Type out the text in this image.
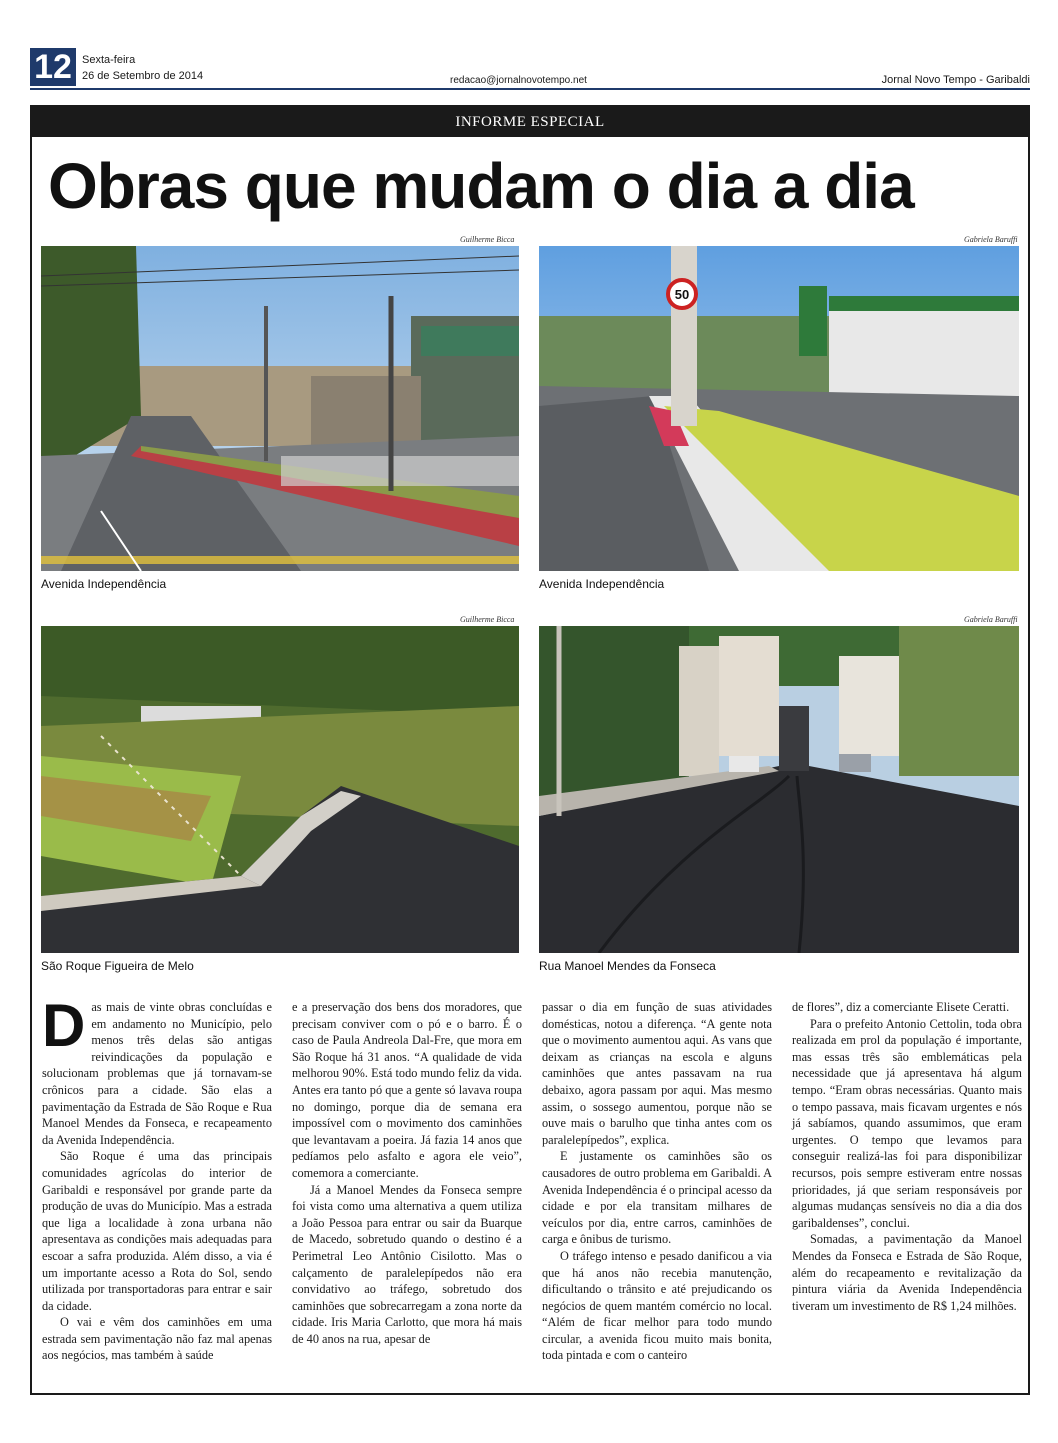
12 Sexta-feira
26 de Setembro de 2014	redacao@jornalnovotempo.net	Jornal Novo Tempo - Garibaldi
INFORME ESPECIAL
Obras que mudam o dia a dia
Guilherme Bicca
Avenida Independência
Gabriela Baruffi
50
Avenida Independência
Guilherme Bicca
São Roque Figueira de Melo
Gabriela Baruffi
Rua Manoel Mendes da Fonseca

Das mais de vinte obras concluídas e em andamento no Município, pelo menos três delas são antigas reivindicações da população e solucionam problemas que já tornavam-se crônicos para a cidade. São elas a pavimentação da Estrada de São Roque e Rua Manoel Mendes da Fonseca, e recapeamento da Avenida Independência.

São Roque é uma das principais comunidades agrícolas do interior de Garibaldi e responsável por grande parte da produção de uvas do Município. Mas a estrada que liga a localidade à zona urbana não apresentava as condições mais adequadas para escoar a safra produzida. Além disso, a via é um importante acesso a Rota do Sol, sendo utilizada por transportadoras para entrar e sair da cidade.

O vai e vêm dos caminhões em uma estrada sem pavimentação não faz mal apenas aos negócios, mas também à saúde

e a preservação dos bens dos moradores, que precisam conviver com o pó e o barro. É o caso de Paula Andreola Dal-Fre, que mora em São Roque há 31 anos. “A qualidade de vida melhorou 90%. Está todo mundo feliz da vida. Antes era tanto pó que a gente só lavava roupa no domingo, porque dia de semana era impossível com o movimento dos caminhões que levantavam a poeira. Já fazia 14 anos que pedíamos pelo asfalto e agora ele veio”, comemora a comerciante.

Já a Manoel Mendes da Fonseca sempre foi vista como uma alternativa a quem utiliza a João Pessoa para entrar ou sair da Buarque de Macedo, sobretudo quando o destino é a Perimetral Leo Antônio Cisilotto. Mas o calçamento de paralelepípedos não era convidativo ao tráfego, sobretudo dos caminhões que sobrecarregam a zona norte da cidade. Iris Maria Carlotto, que mora há mais de 40 anos na rua, apesar de

passar o dia em função de suas atividades domésticas, notou a diferença. “A gente nota que o movimento aumentou aqui. As vans que deixam as crianças na escola e alguns caminhões que antes passavam na rua debaixo, agora passam por aqui. Mas mesmo assim, o sossego aumentou, porque não se ouve mais o barulho que tinha antes com os paralelepípedos”, explica.

E justamente os caminhões são os causadores de outro problema em Garibaldi. A Avenida Independência é o principal acesso da cidade e por ela transitam milhares de veículos por dia, entre carros, caminhões de carga e ônibus de turismo.

O tráfego intenso e pesado danificou a via que há anos não recebia manutenção, dificultando o trânsito e até prejudicando os negócios de quem mantém comércio no local. “Além de ficar melhor para todo mundo circular, a avenida ficou muito mais bonita, toda pintada e com o canteiro

de flores”, diz a comerciante Elisete Ceratti.

Para o prefeito Antonio Cettolin, toda obra realizada em prol da população é importante, mas essas três são emblemáticas pela necessidade que já apresentava há algum tempo. “Eram obras necessárias. Quanto mais o tempo passava, mais ficavam urgentes e nós já sabíamos, quando assumimos, que eram urgentes. O tempo que levamos para conseguir realizá-las foi para disponibilizar recursos, pois sempre estiveram entre nossas prioridades, já que seriam responsáveis por algumas mudanças sensíveis no dia a dia dos garibaldenses”, conclui.

Somadas, a pavimentação da Manoel Mendes da Fonseca e Estrada de São Roque, além do recapeamento e revitalização da pintura viária da Avenida Independência tiveram um investimento de R$ 1,24 milhões.
